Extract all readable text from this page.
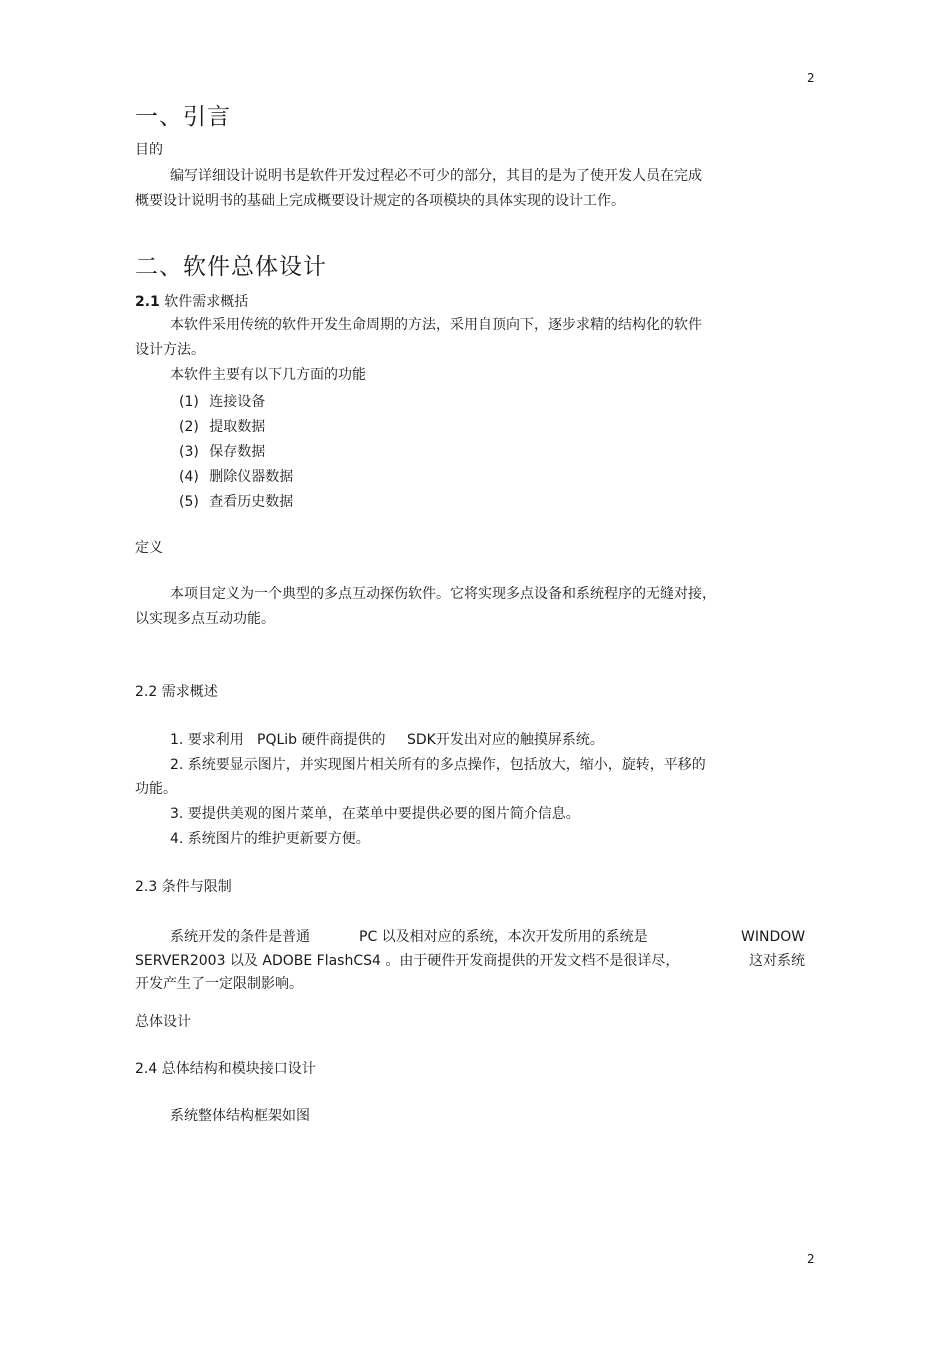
2
2
一、引言
目的
编写详细设计说明书是软件开发过程必不可少的部分，其目的是为了使开发人员在完成
概要设计说明书的基础上完成概要设计规定的各项模块的具体实现的设计工作。
二、软件总体设计
2.1 软件需求概括
本软件采用传统的软件开发生命周期的方法，采用自顶向下，逐步求精的结构化的软件
设计方法。
本软件主要有以下几方面的功能
(1) 连接设备
(2) 提取数据
(3) 保存数据
(4) 删除仪器数据
(5) 查看历史数据
定义
本项目定义为一个典型的多点互动探伤软件。它将实现多点设备和系统程序的无缝对接，
以实现多点互动功能。
2.2 需求概述
1. 要求利用 PQLib 硬件商提供的 SDK开发出对应的触摸屏系统。
2. 系统要显示图片，并实现图片相关所有的多点操作，包括放大，缩小，旋转，平移的
功能。
3. 要提供美观的图片菜单，在菜单中要提供必要的图片简介信息。
4. 系统图片的维护更新要方便。
2.3 条件与限制
系统开发的条件是普通	PC 以及相对应的系统，本次开发所用的系统是	WINDOW
SERVER2003 以及 ADOBE FlashCS4 。由于硬件开发商提供的开发文档不是很详尽，	这对系统
开发产生了一定限制影响。
总体设计
2.4 总体结构和模块接口设计
系统整体结构框架如图
